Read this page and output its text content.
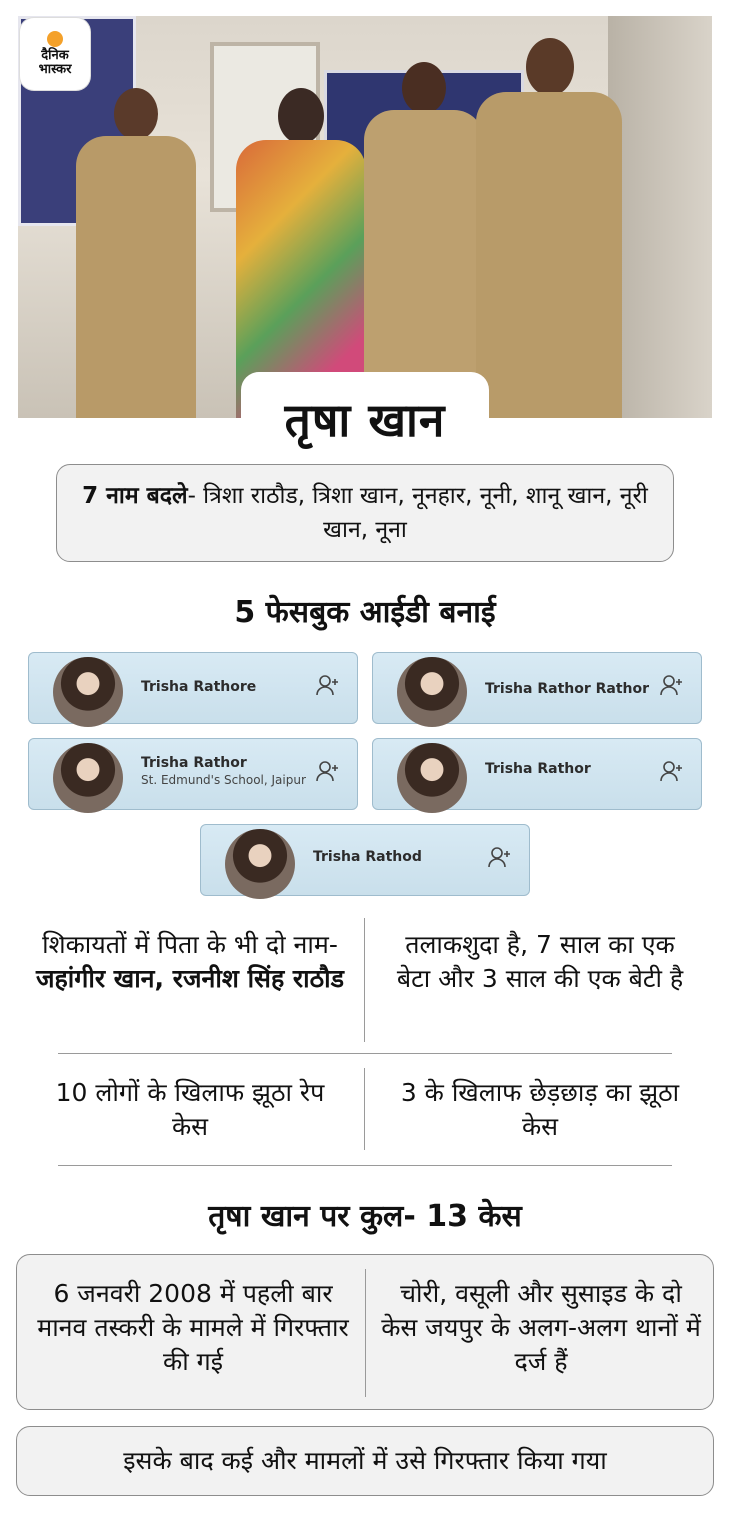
दैनिक
भास्कर
तृषा खान
7 नाम बदले- त्रिशा राठौड, त्रिशा खान, नूनहार, नूनी, शानू खान, नूरी खान, नूना
5 फेसबुक आईडी बनाई
Trisha Rathore	Trisha Rathor Rathor
Trisha Rathor
St. Edmund's School, Jaipur
Trisha Rathor
Trisha Rathod
शिकायतों में पिता के भी दो नाम- जहांगीर खान, रजनीश सिंह राठौड
तलाकशुदा है, 7 साल का एक बेटा और 3 साल की एक बेटी है
10 लोगों के खिलाफ झूठा रेप केस
3 के खिलाफ छेड़छाड़ का झूठा केस
तृषा खान पर कुल- 13 केस
6 जनवरी 2008 में पहली बार मानव तस्करी के मामले में गिरफ्तार की गई
चोरी, वसूली और सुसाइड के दो केस जयपुर के अलग-अलग थानों में दर्ज हैं
इसके बाद कई और मामलों में उसे गिरफ्तार किया गया
